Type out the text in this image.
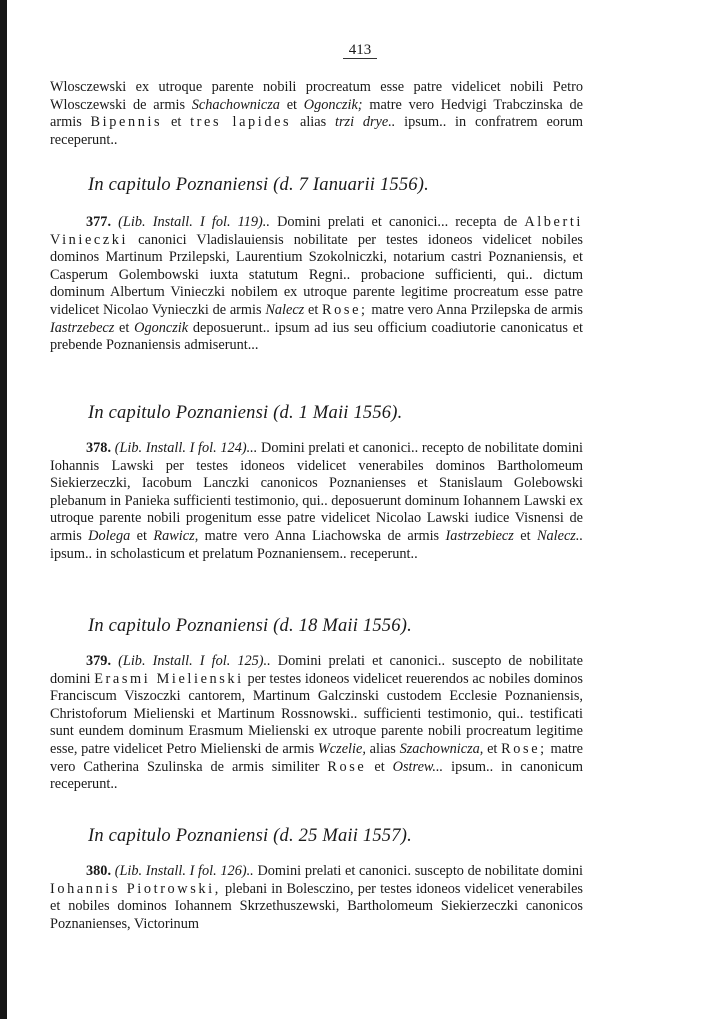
413

Wlosczewski ex utroque parente nobili procreatum esse patre videlicet nobili Petro Wlosczewski de armis Schachownicza et Ogonczik; matre vero Hedvigi Trabczinska de armis Bipennis et tres lapides alias trzi drye.. ipsum.. in confratrem eorum receperunt..

In capitulo Poznaniensi (d. 7 Ianuarii 1556).

377. (Lib. Install. I fol. 119).. Domini prelati et canonici... recepta de Alberti Vinieczki canonici Vladislauiensis nobilitate per testes idoneos videlicet nobiles dominos Martinum Przilepski, Laurentium Szokolniczki, notarium castri Poznaniensis, et Casperum Golembowski iuxta statutum Regni.. probacione sufficienti, qui.. dictum dominum Albertum Vinieczki nobilem ex utroque parente legitime procreatum esse patre videlicet Nicolao Vynieczki de armis Nalecz et Rose; matre vero Anna Przilepska de armis Iastrzebecz et Ogonczik deposuerunt.. ipsum ad ius seu officium coadiutorie canonicatus et prebende Poznaniensis admiserunt...

In capitulo Poznaniensi (d. 1 Maii 1556).

378. (Lib. Install. I fol. 124)... Domini prelati et canonici.. recepto de nobilitate domini Iohannis Lawski per testes idoneos videlicet venerabiles dominos Bartholomeum Siekierzeczki, Iacobum Lanczki canonicos Poznanienses et Stanislaum Golebowski plebanum in Panieka sufficienti testimonio, qui.. deposuerunt dominum Iohannem Lawski ex utroque parente nobili progenitum esse patre videlicet Nicolao Lawski iudice Visnensi de armis Dolega et Rawicz, matre vero Anna Liachowska de armis Iastrzebiecz et Nalecz.. ipsum.. in scholasticum et prelatum Poznaniensem.. receperunt..

In capitulo Poznaniensi (d. 18 Maii 1556).

379. (Lib. Install. I fol. 125).. Domini prelati et canonici.. suscepto de nobilitate domini Erasmi Mielienski per testes idoneos videlicet reuerendos ac nobiles dominos Franciscum Viszoczki cantorem, Martinum Galczinski custodem Ecclesie Poznaniensis, Christoforum Mielienski et Martinum Rossnowski.. sufficienti testimonio, qui.. testificati sunt eundem dominum Erasmum Mielienski ex utroque parente nobili procreatum legitime esse, patre videlicet Petro Mielienski de armis Wczelie, alias Szachownicza, et Rose; matre vero Catherina Szulinska de armis similiter Rose et Ostrew... ipsum.. in canonicum receperunt..

In capitulo Poznaniensi (d. 25 Maii 1557).

380. (Lib. Install. I fol. 126).. Domini prelati et canonici. suscepto de nobilitate domini Iohannis Piotrowski, plebani in Bolesczino, per testes idoneos videlicet venerabiles et nobiles dominos Iohannem Skrzethuszewski, Bartholomeum Siekierzeczki canonicos Poznanienses, Victorinum
